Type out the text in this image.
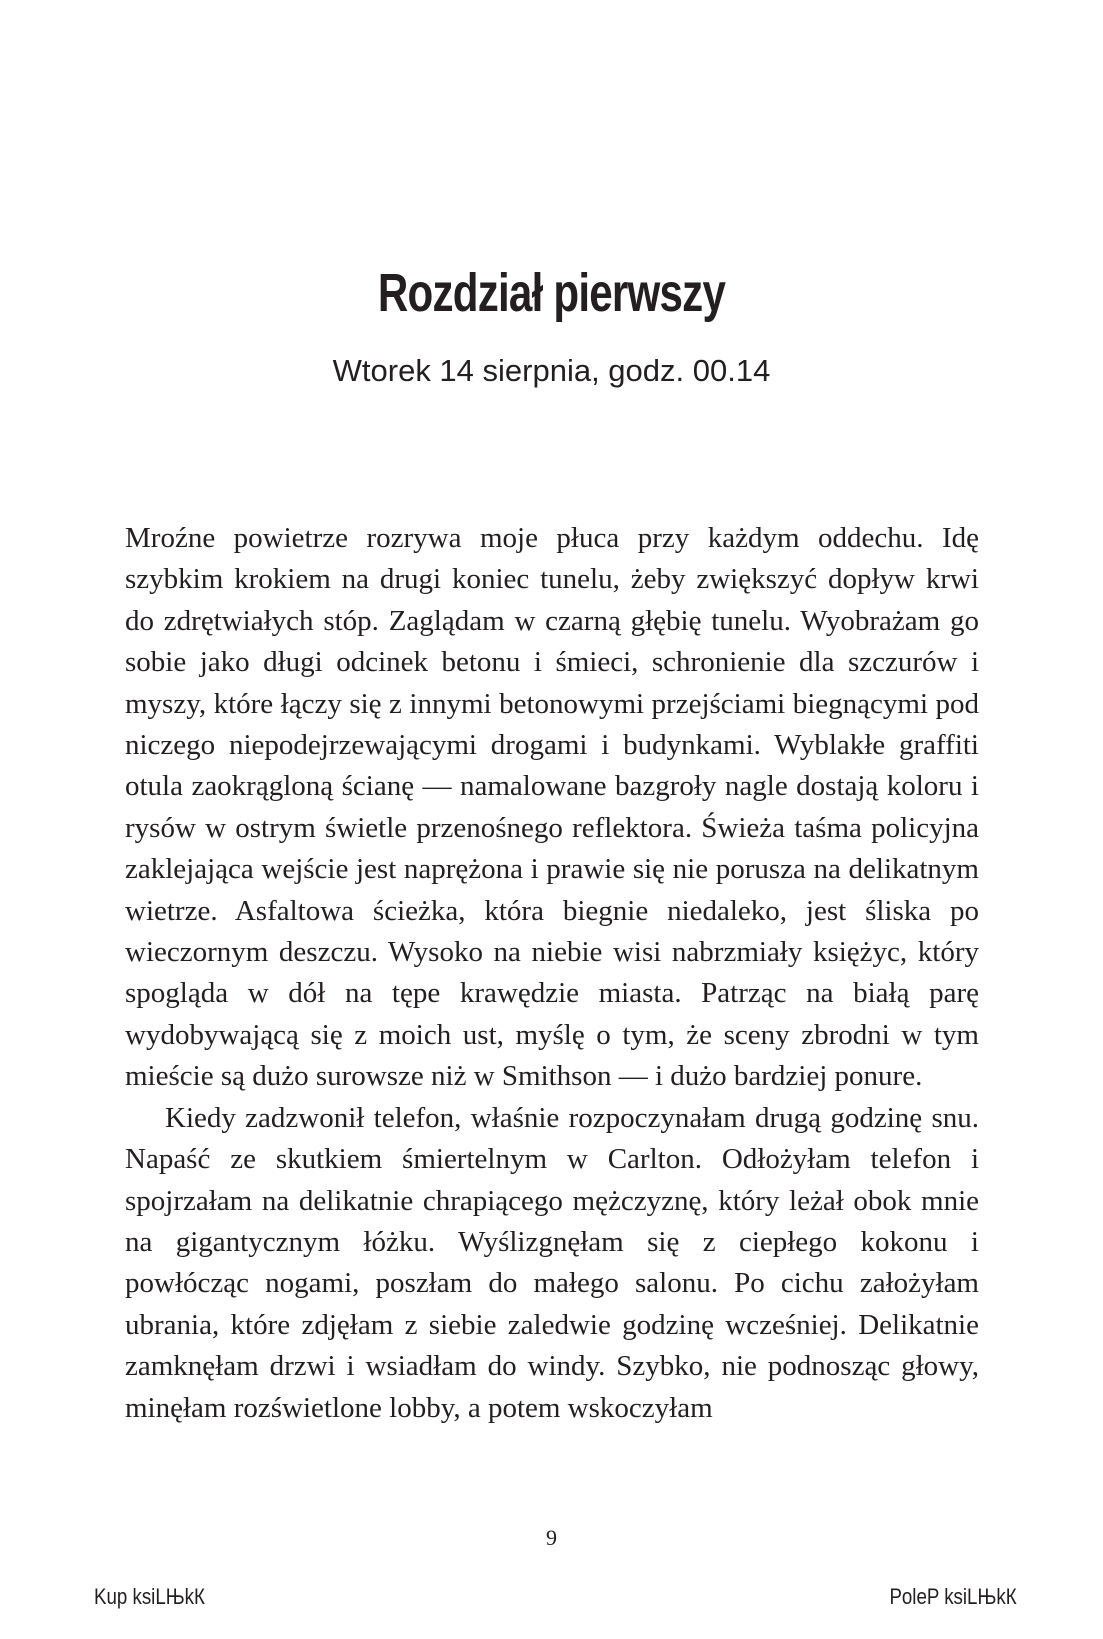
Rozdział pierwszy
Wtorek 14 sierpnia, godz. 00.14

Mroźne powietrze rozrywa moje płuca przy każdym oddechu. Idę szybkim krokiem na drugi koniec tunelu, żeby zwiększyć dopływ krwi do zdrętwiałych stóp. Zaglądam w czarną głębię tunelu. Wyobrażam go sobie jako długi odcinek betonu i śmieci, schronienie dla szczurów i myszy, które łączy się z innymi betonowymi przejściami biegnącymi pod niczego niepodejrzewającymi drogami i budynkami. Wyblakłe graffiti otula zaokrągloną ścianę — namalowane bazgroły nagle dostają koloru i rysów w ostrym świetle przenośnego reflektora. Świeża taśma policyjna zaklejająca wejście jest naprężona i prawie się nie porusza na delikatnym wietrze. Asfaltowa ścieżka, która biegnie niedaleko, jest śliska po wieczornym deszczu. Wysoko na niebie wisi nabrzmiały księżyc, który spogląda w dół na tępe krawędzie miasta. Patrząc na białą parę wydobywającą się z moich ust, myślę o tym, że sceny zbrodni w tym mieście są dużo surowsze niż w Smithson — i dużo bardziej ponure.

Kiedy zadzwonił telefon, właśnie rozpoczynałam drugą godzinę snu. Napaść ze skutkiem śmiertelnym w Carlton. Odłożyłam telefon i spojrzałam na delikatnie chrapiącego mężczyznę, który leżał obok mnie na gigantycznym łóżku. Wyślizgnęłam się z ciepłego kokonu i powłócząc nogami, poszłam do małego salonu. Po cichu założyłam ubrania, które zdjęłam z siebie zaledwie godzinę wcześniej. Delikatnie zamknęłam drzwi i wsiadłam do windy. Szybko, nie podnosząc głowy, minęłam rozświetlone lobby, a potem wskoczyłam

9
Kup ksiLЊkК	PoleP ksiLЊkК
